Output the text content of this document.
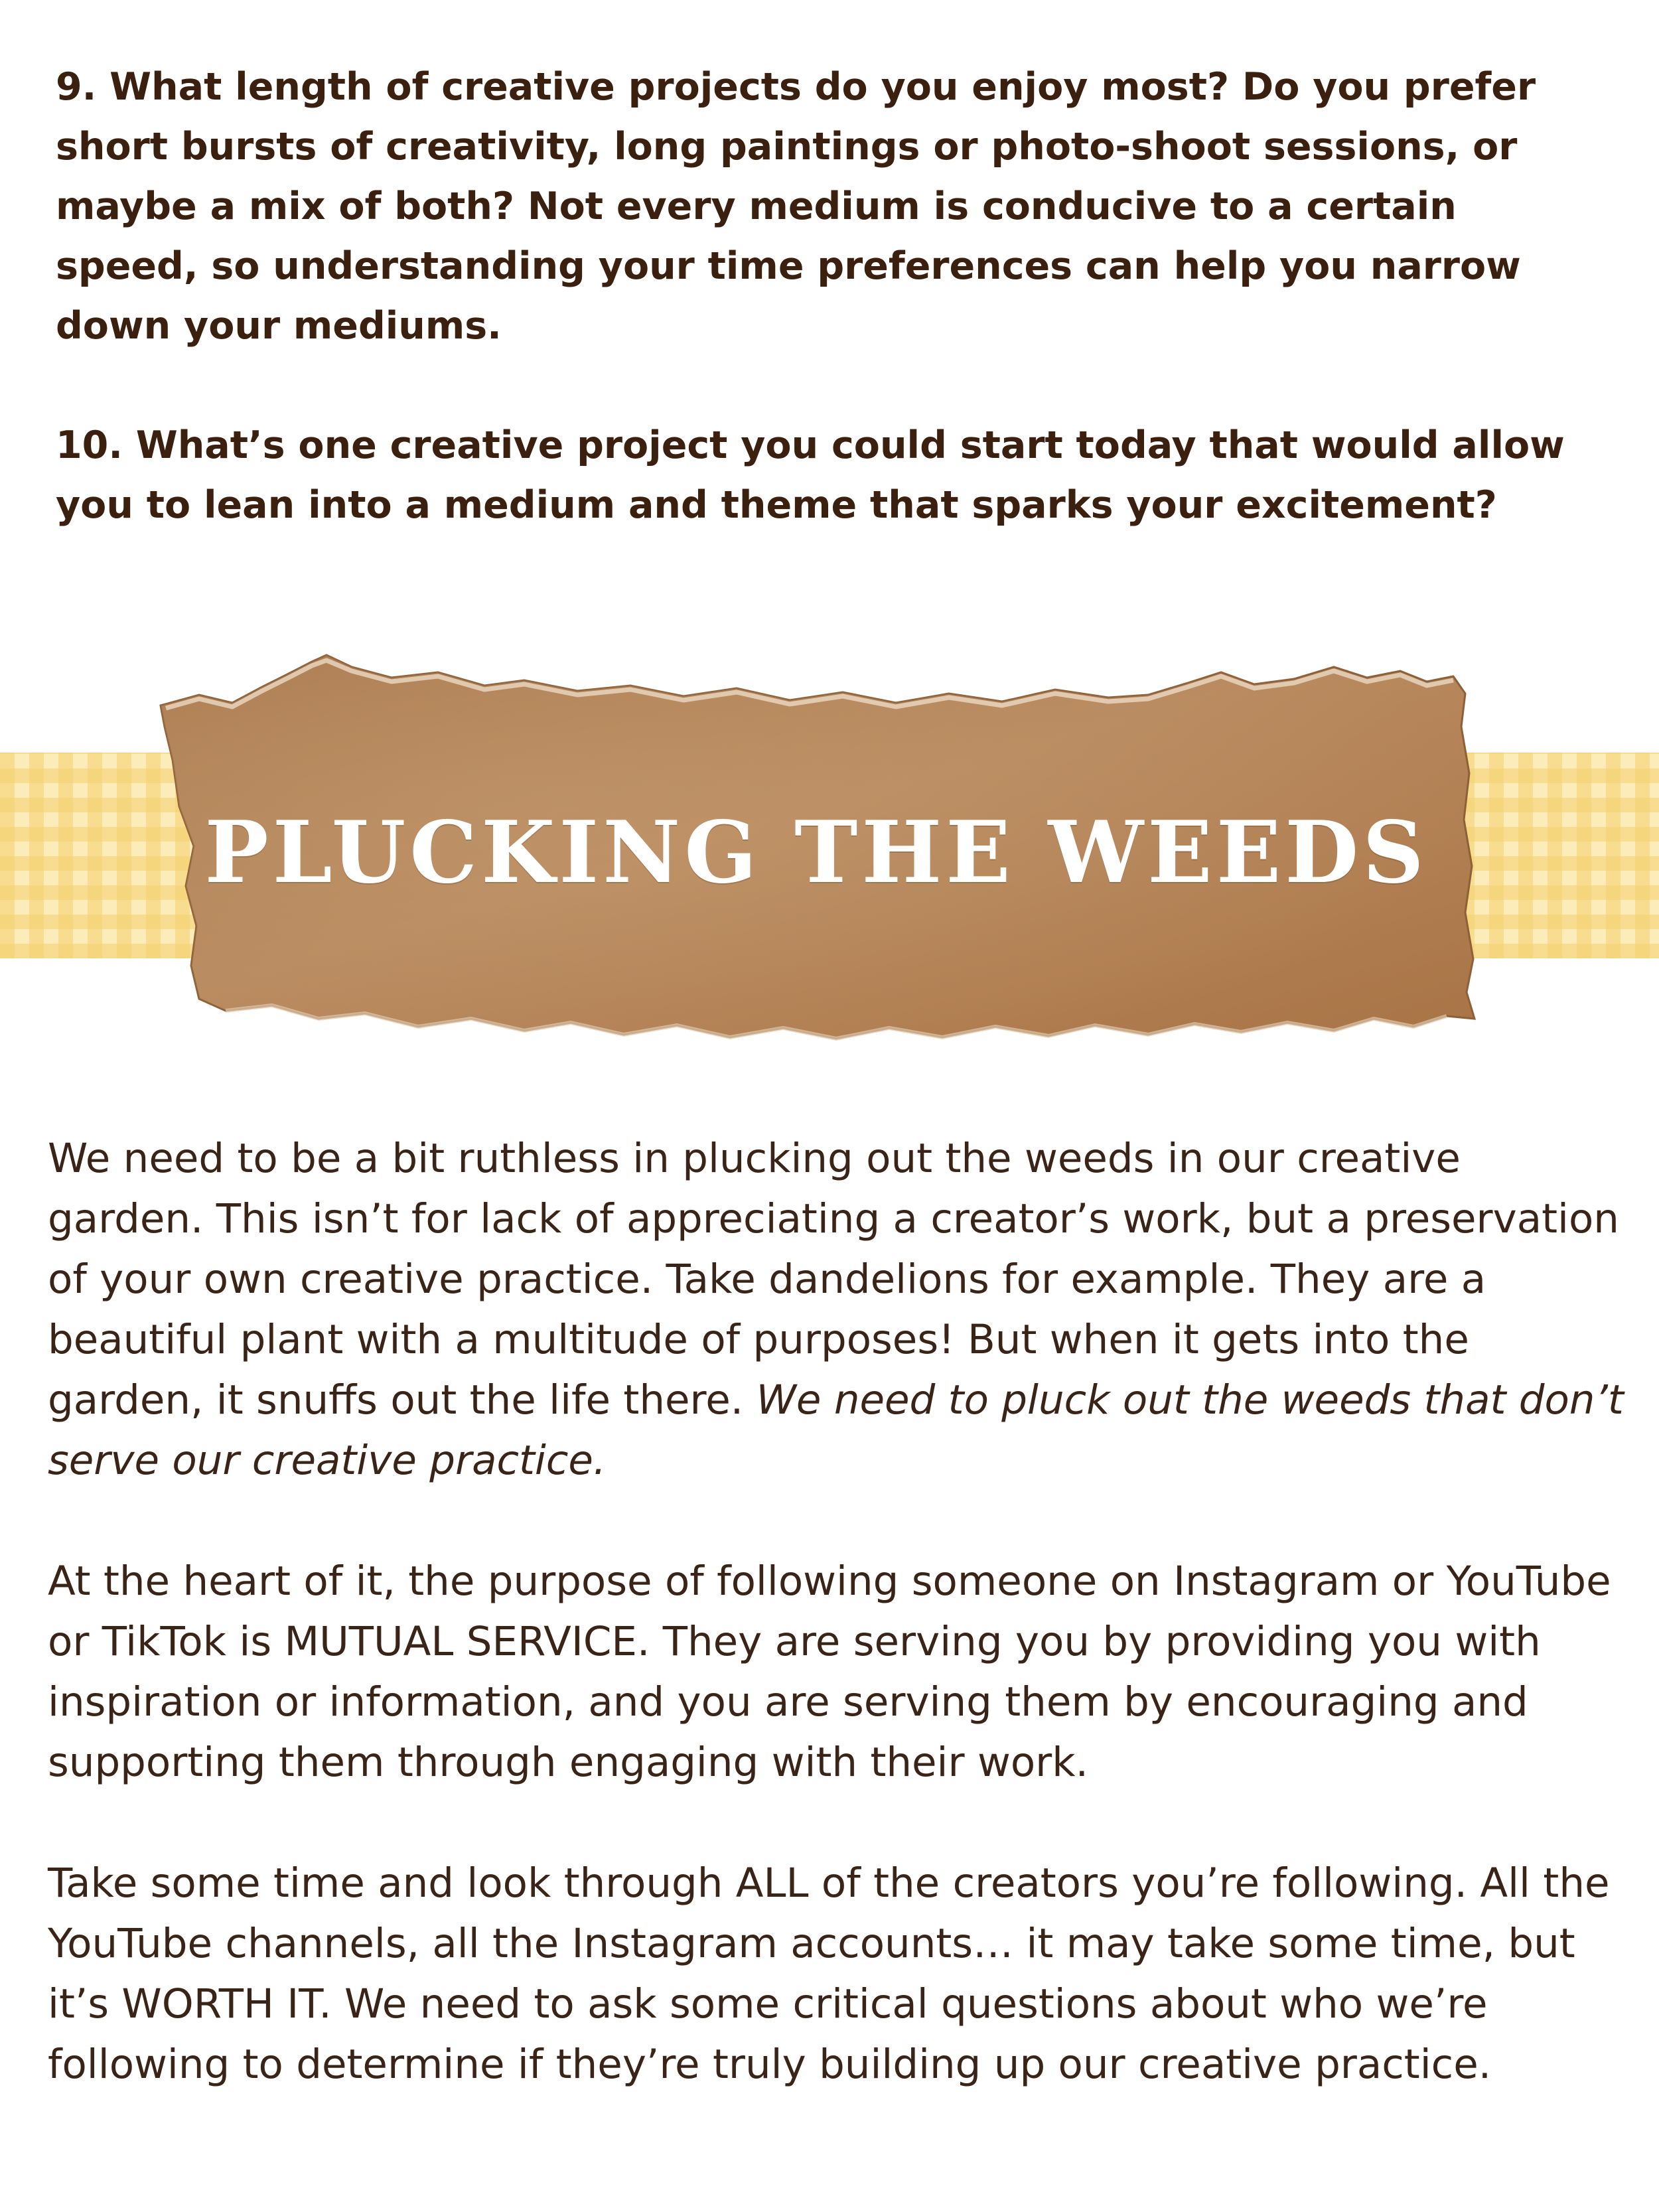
9. What length of creative projects do you enjoy most? Do you prefer short bursts of creativity, long paintings or photo-shoot sessions, or maybe a mix of both? Not every medium is conducive to a certain speed, so understanding your time preferences can help you narrow down your mediums.

10. What’s one creative project you could start today that would allow you to lean into a medium and theme that sparks your excitement?

PLUCKING THE WEEDS

We need to be a bit ruthless in plucking out the weeds in our creative garden. This isn’t for lack of appreciating a creator’s work, but a preservation of your own creative practice. Take dandelions for example. They are a beautiful plant with a multitude of purposes! But when it gets into the garden, it snuffs out the life there. We need to pluck out the weeds that don’t serve our creative practice.

At the heart of it, the purpose of following someone on Instagram or YouTube or TikTok is MUTUAL SERVICE. They are serving you by providing you with inspiration or information, and you are serving them by encouraging and supporting them through engaging with their work.

Take some time and look through ALL of the creators you’re following. All the YouTube channels, all the Instagram accounts… it may take some time, but it’s WORTH IT. We need to ask some critical questions about who we’re following to determine if they’re truly building up our creative practice.
